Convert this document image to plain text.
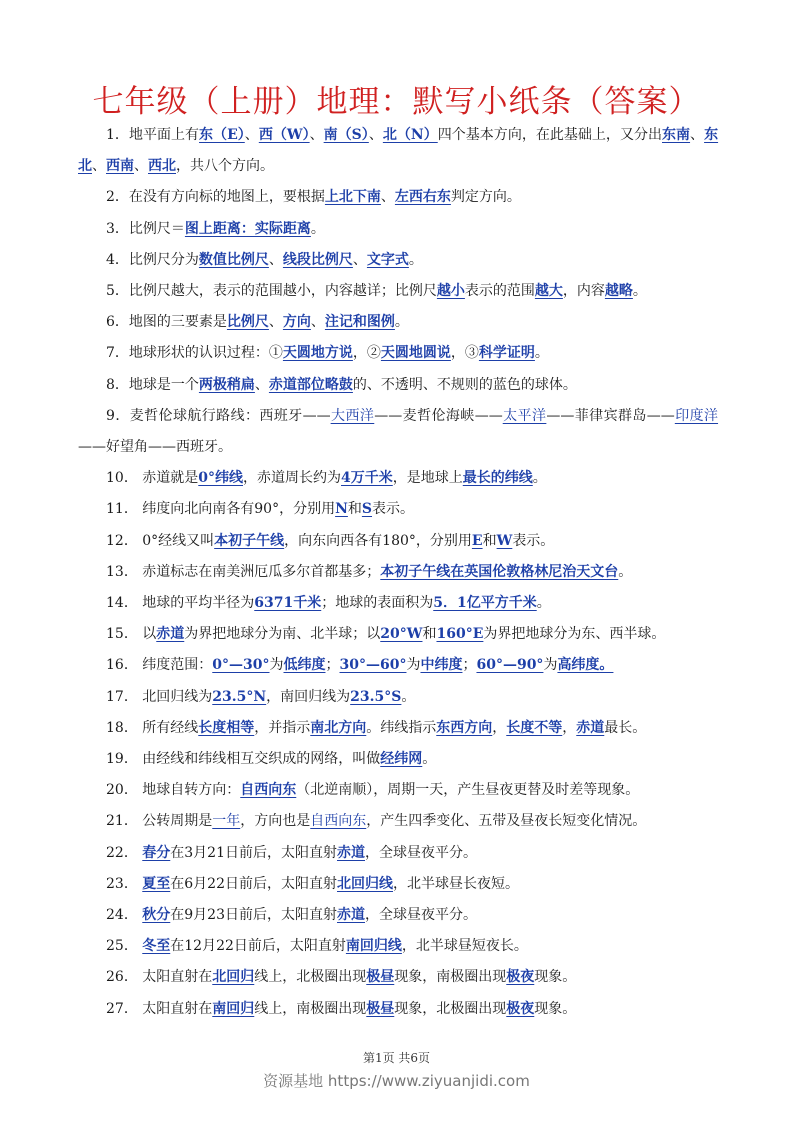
七年级（上册）地理：默写小纸条（答案）

1．地平面上有东（E）、西（W）、南（S）、北（N）四个基本方向，在此基础上，又分出东南、东北、西南、西北，共八个方向。

2．在没有方向标的地图上，要根据上北下南、左西右东判定方向。

3．比例尺＝图上距离：实际距离。

4．比例尺分为数值比例尺、线段比例尺、文字式。

5．比例尺越大，表示的范围越小，内容越详；比例尺越小表示的范围越大，内容越略。

6．地图的三要素是比例尺、方向、注记和图例。

7．地球形状的认识过程：①天圆地方说，②天圆地圆说，③科学证明。

8．地球是一个两极稍扁、赤道部位略鼓的、不透明、不规则的蓝色的球体。

9．麦哲伦球航行路线：西班牙——大西洋——麦哲伦海峡——太平洋——菲律宾群岛——印度洋——好望角——西班牙。

10． 赤道就是0°纬线，赤道周长约为4万千米，是地球上最长的纬线。

11． 纬度向北向南各有90°，分别用N和S表示。

12． 0°经线又叫本初子午线，向东向西各有180°，分别用E和W表示。

13． 赤道标志在南美洲厄瓜多尔首都基多；本初子午线在英国伦敦格林尼治天文台。

14． 地球的平均半径为6371千米；地球的表面积为5．1亿平方千米。

15． 以赤道为界把地球分为南、北半球；以20°W和160°E为界把地球分为东、西半球。

16． 纬度范围：0°—30°为低纬度；30°—60°为中纬度；60°—90°为高纬度。

17． 北回归线为23.5°N，南回归线为23.5°S。

18． 所有经线长度相等，并指示南北方向。纬线指示东西方向，长度不等，赤道最长。

19． 由经线和纬线相互交织成的网络，叫做经纬网。

20． 地球自转方向：自西向东（北逆南顺），周期一天，产生昼夜更替及时差等现象。

21． 公转周期是一年，方向也是自西向东，产生四季变化、五带及昼夜长短变化情况。

22． 春分在3月21日前后，太阳直射赤道，全球昼夜平分。

23． 夏至在6月22日前后，太阳直射北回归线，北半球昼长夜短。

24． 秋分在9月23日前后，太阳直射赤道，全球昼夜平分。

25． 冬至在12月22日前后，太阳直射南回归线，北半球昼短夜长。

26． 太阳直射在北回归线上，北极圈出现极昼现象，南极圈出现极夜现象。

27． 太阳直射在南回归线上，南极圈出现极昼现象，北极圈出现极夜现象。

第1页 共6页
资源基地 https://www.ziyuanjidi.com
